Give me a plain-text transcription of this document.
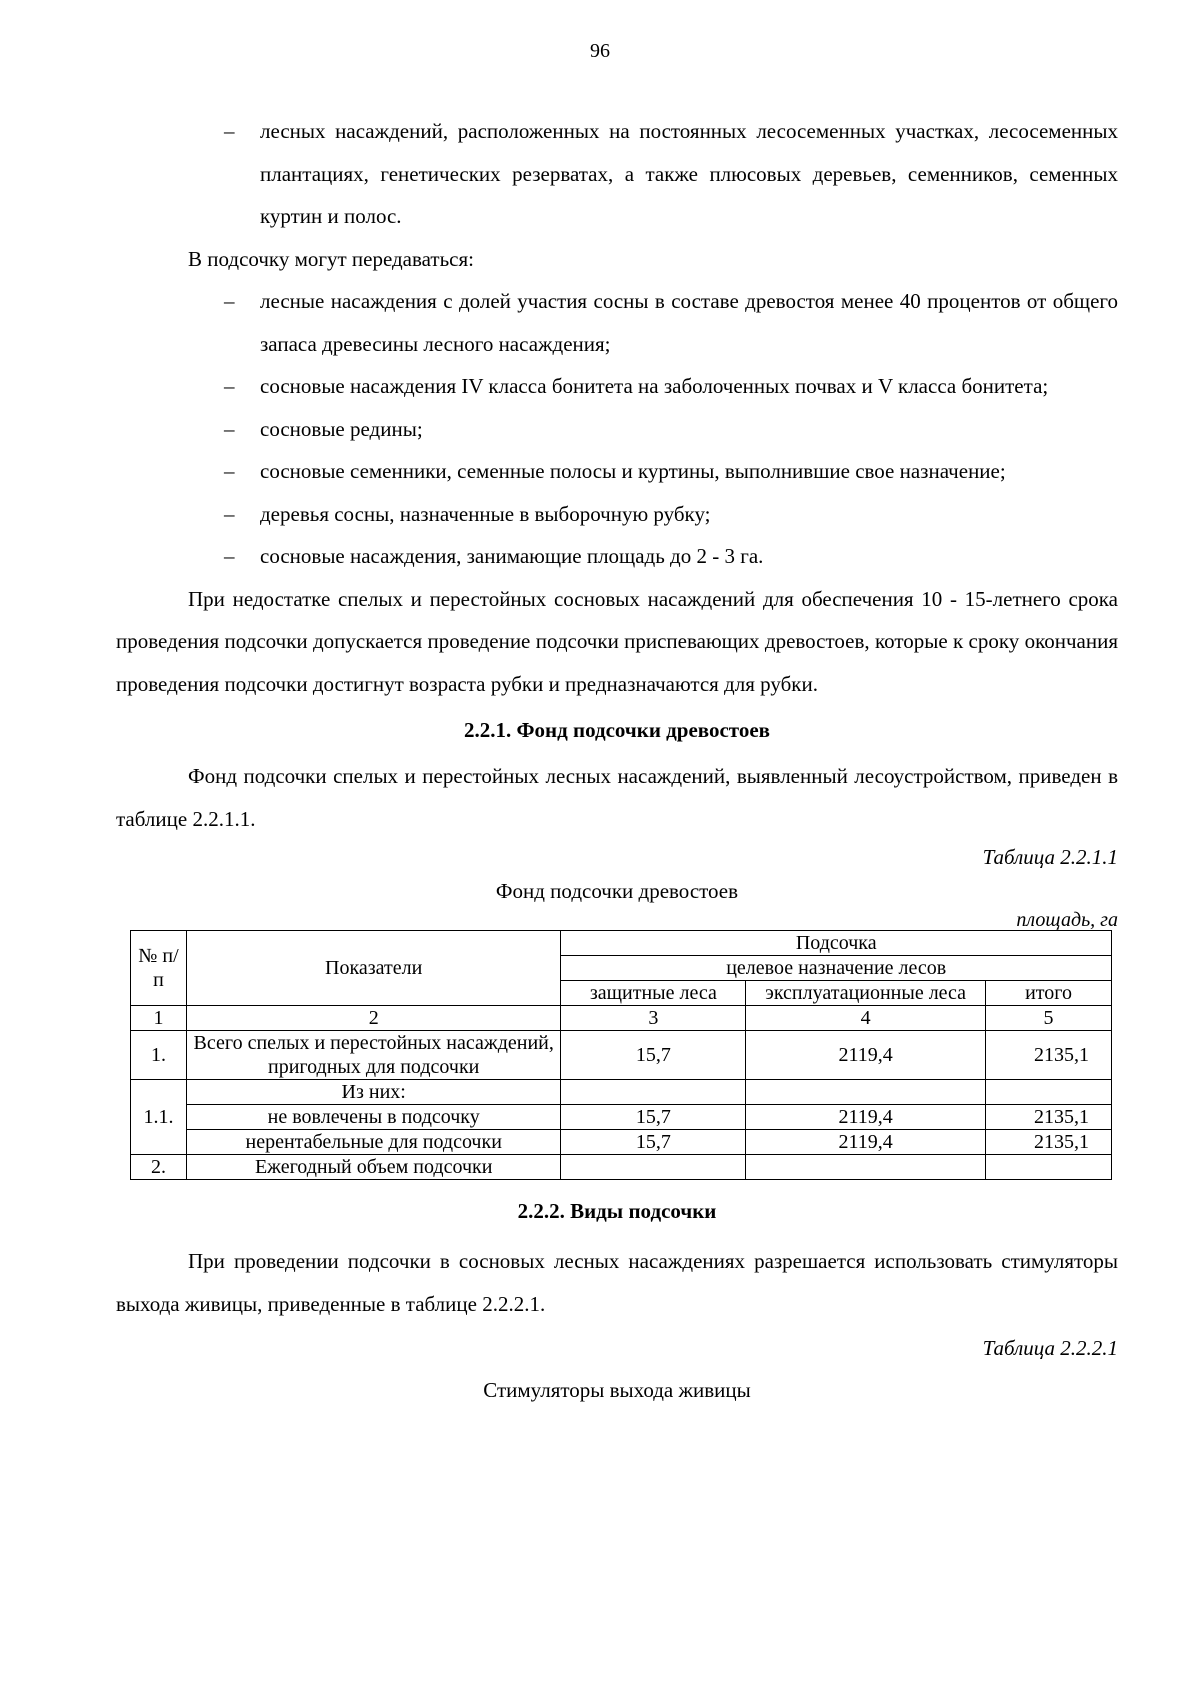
96
– лесных насаждений, расположенных на постоянных лесосеменных участках, лесосеменных плантациях, генетических резерватах, а также плюсовых деревьев, семенников, семенных куртин и полос.

В подсочку могут передаваться:

– лесные насаждения с долей участия сосны в составе древостоя менее 40 процентов от общего запаса древесины лесного насаждения;
– сосновые насаждения IV класса бонитета на заболоченных почвах и V класса бонитета;
– сосновые редины;
– сосновые семенники, семенные полосы и куртины, выполнившие свое назначение;
– деревья сосны, назначенные в выборочную рубку;
– сосновые насаждения, занимающие площадь до 2 - 3 га.

При недостатке спелых и перестойных сосновых насаждений для обеспечения 10 - 15-летнего срока проведения подсочки допускается проведение подсочки приспевающих древостоев, которые к сроку окончания проведения подсочки достигнут возраста рубки и предназначаются для рубки.

2.2.1. Фонд подсочки древостоев

Фонд подсочки спелых и перестойных лесных насаждений, выявленный лесоустройством, приведен в таблице 2.2.1.1.

Таблица 2.2.1.1
Фонд подсочки древостоев
площадь, га
№ п/п	Показатели	Подсочка		
		целевое назначение лесов		
		защитные леса	эксплуатационные леса	итого
1	2	3	4	5
1.	Всего спелых и перестойных насаждений, пригодных для подсочки	15,7	2119,4	2135,1
1.1.	Из них:			
	не вовлечены в подсочку	15,7	2119,4	2135,1
	нерентабельные для подсочки	15,7	2119,4	2135,1
2.	Ежегодный объем подсочки			
2.2.2. Виды подсочки

При проведении подсочки в сосновых лесных насаждениях разрешается использовать стимуляторы выхода живицы, приведенные в таблице 2.2.2.1.

Таблица 2.2.2.1
Стимуляторы выхода живицы
